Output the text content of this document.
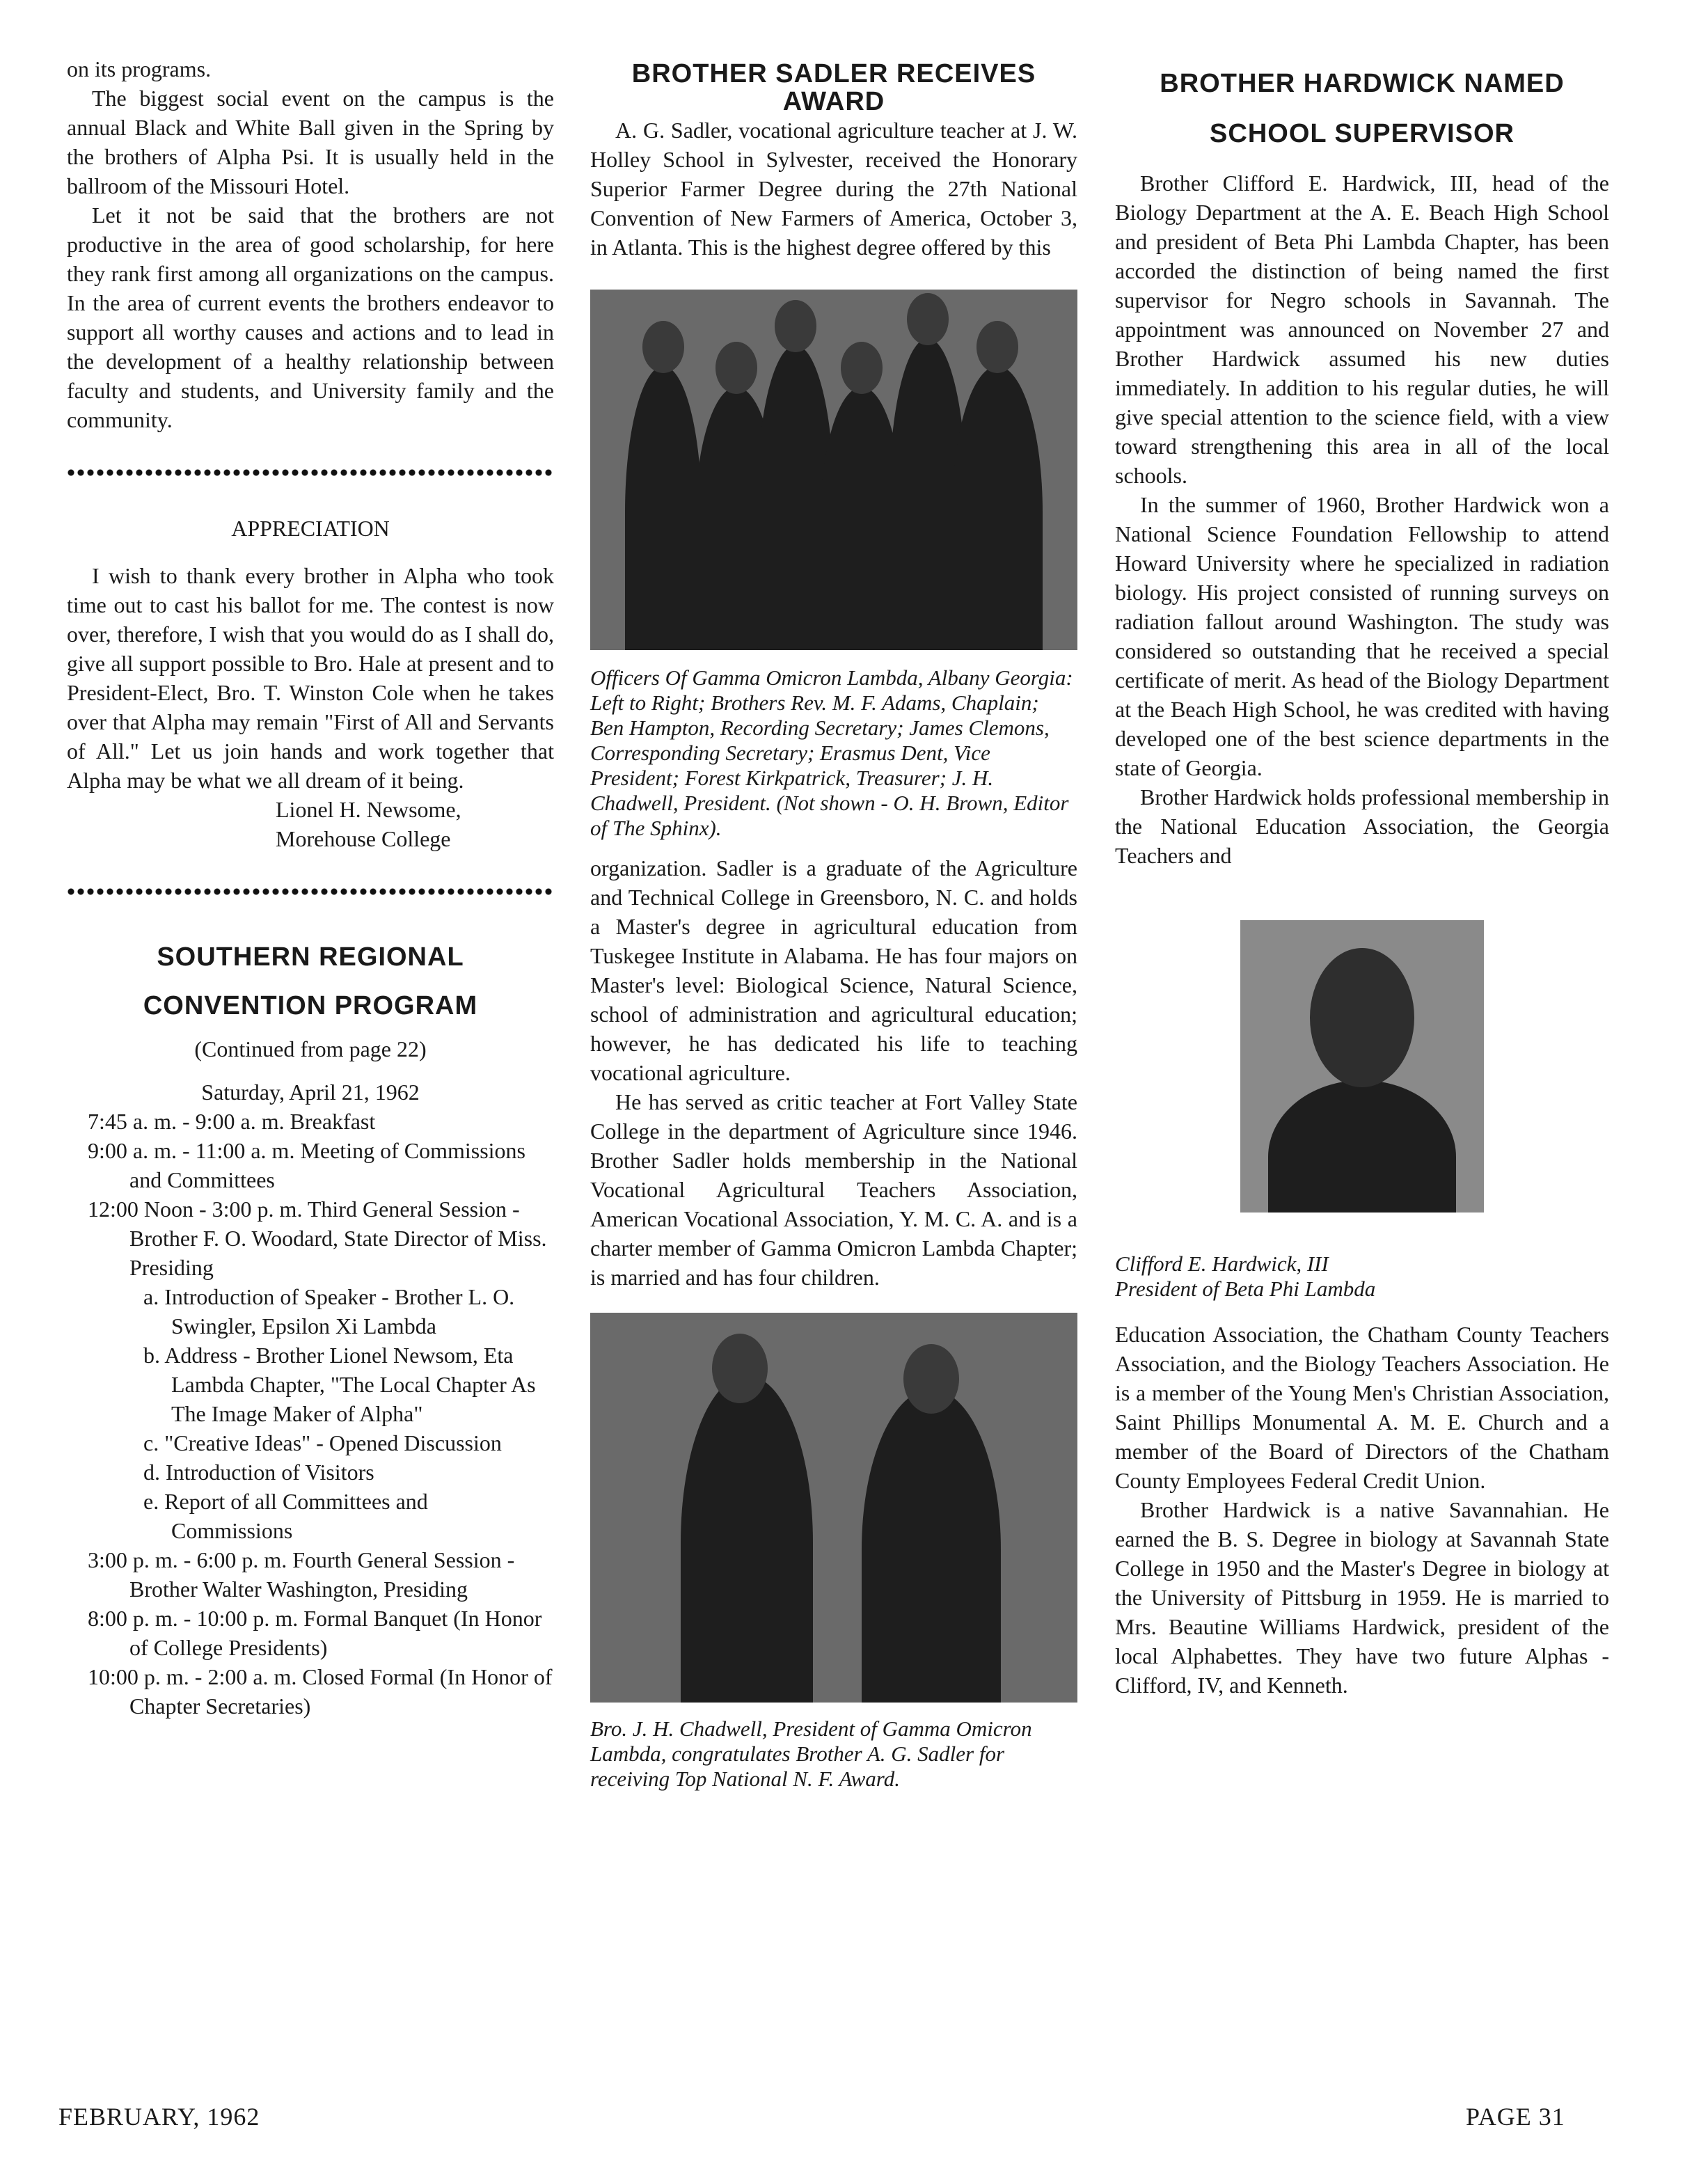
on its programs.

The biggest social event on the campus is the annual Black and White Ball given in the Spring by the brothers of Alpha Psi. It is usually held in the ballroom of the Missouri Hotel.

Let it not be said that the brothers are not productive in the area of good scholarship, for here they rank first among all organizations on the campus. In the area of current events the brothers endeavor to support all worthy causes and actions and to lead in the development of a healthy relationship between faculty and students, and University family and the community.

APPRECIATION

I wish to thank every brother in Alpha who took time out to cast his ballot for me. The contest is now over, therefore, I wish that you would do as I shall do, give all support possible to Bro. Hale at present and to President-Elect, Bro. T. Winston Cole when he takes over that Alpha may remain "First of All and Servants of All." Let us join hands and work together that Alpha may be what we all dream of it being.

Lionel H. Newsome,
Morehouse College
SOUTHERN REGIONAL
CONVENTION PROGRAM

(Continued from page 22)

Saturday, April 21, 1962

7:45 a. m. - 9:00 a. m. Breakfast

9:00 a. m. - 11:00 a. m. Meeting of Commissions and Committees

12:00 Noon - 3:00 p. m. Third General Session - Brother F. O. Woodard, State Director of Miss. Presiding

a. Introduction of Speaker - Brother L. O. Swingler, Epsilon Xi Lambda

b. Address - Brother Lionel Newsom, Eta Lambda Chapter, "The Local Chapter As The Image Maker of Alpha"

c. "Creative Ideas" - Opened Discussion

d. Introduction of Visitors

e. Report of all Committees and Commissions

3:00 p. m. - 6:00 p. m. Fourth General Session - Brother Walter Washington, Presiding

8:00 p. m. - 10:00 p. m. Formal Banquet (In Honor of College Presidents)

10:00 p. m. - 2:00 a. m. Closed Formal (In Honor of Chapter Secretaries)

BROTHER SADLER RECEIVES
AWARD

A. G. Sadler, vocational agriculture teacher at J. W. Holley School in Sylvester, received the Honorary Superior Farmer Degree during the 27th National Convention of New Farmers of America, October 3, in Atlanta. This is the highest degree offered by this

Officers Of Gamma Omicron Lambda, Albany Georgia: Left to Right; Brothers Rev. M. F. Adams, Chaplain; Ben Hampton, Recording Secretary; James Clemons, Corresponding Secretary; Erasmus Dent, Vice President; Forest Kirkpatrick, Treasurer; J. H. Chadwell, President. (Not shown - O. H. Brown, Editor of The Sphinx).

organization. Sadler is a graduate of the Agriculture and Technical College in Greensboro, N. C. and holds a Master's degree in agricultural education from Tuskegee Institute in Alabama. He has four majors on Master's level: Biological Science, Natural Science, school of administration and agricultural education; however, he has dedicated his life to teaching vocational agriculture.

He has served as critic teacher at Fort Valley State College in the department of Agriculture since 1946. Brother Sadler holds membership in the National Vocational Agricultural Teachers Association, American Vocational Association, Y. M. C. A. and is a charter member of Gamma Omicron Lambda Chapter; is married and has four children.

Bro. J. H. Chadwell, President of Gamma Omicron Lambda, congratulates Brother A. G. Sadler for receiving Top National N. F. Award.

BROTHER HARDWICK NAMED
SCHOOL SUPERVISOR

Brother Clifford E. Hardwick, III, head of the Biology Department at the A. E. Beach High School and president of Beta Phi Lambda Chapter, has been accorded the distinction of being named the first supervisor for Negro schools in Savannah. The appointment was announced on November 27 and Brother Hardwick assumed his new duties immediately. In addition to his regular duties, he will give special attention to the science field, with a view toward strengthening this area in all of the local schools.

In the summer of 1960, Brother Hardwick won a National Science Foundation Fellowship to attend Howard University where he specialized in radiation biology. His project consisted of running surveys on radiation fallout around Washington. The study was considered so outstanding that he received a special certificate of merit. As head of the Biology Department at the Beach High School, he was credited with having developed one of the best science departments in the state of Georgia.

Brother Hardwick holds professional membership in the National Education Association, the Georgia Teachers and

Clifford E. Hardwick, III

President of Beta Phi Lambda

Education Association, the Chatham County Teachers Association, and the Biology Teachers Association. He is a member of the Young Men's Christian Association, Saint Phillips Monumental A. M. E. Church and a member of the Board of Directors of the Chatham County Employees Federal Credit Union.

Brother Hardwick is a native Savannahian. He earned the B. S. Degree in biology at Savannah State College in 1950 and the Master's Degree in biology at the University of Pittsburg in 1959. He is married to Mrs. Beautine Williams Hardwick, president of the local Alphabettes. They have two future Alphas - Clifford, IV, and Kenneth.

FEBRUARY, 1962	PAGE 31
